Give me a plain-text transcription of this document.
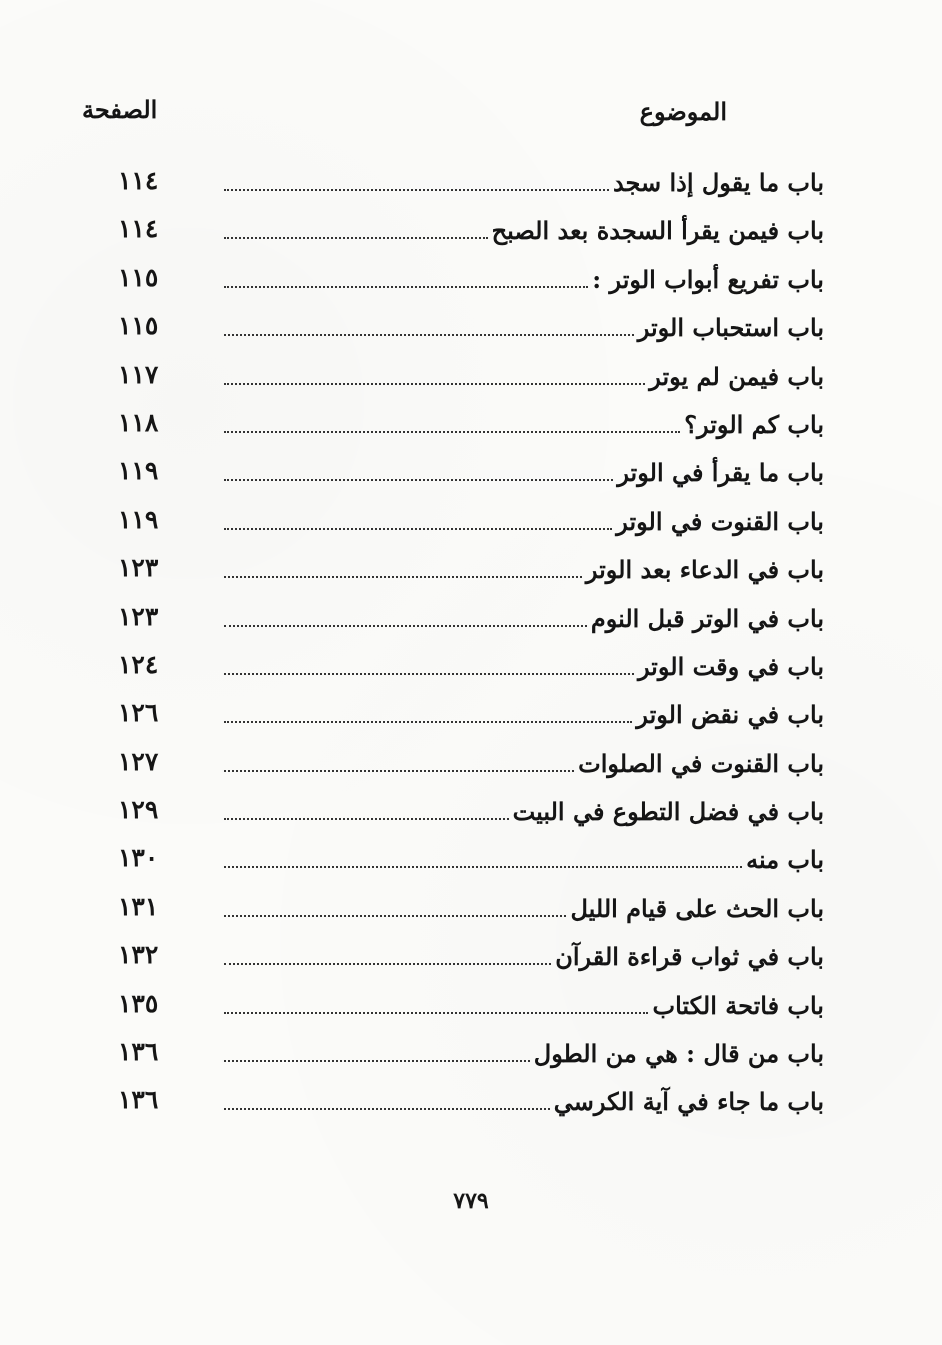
الموضوع
الصفحة
باب ما يقول إذا سجد
١١٤
باب فيمن يقرأ السجدة بعد الصبح
١١٤
باب تفريع أبواب الوتر :
١١٥
باب استحباب الوتر
١١٥
باب فيمن لم يوتر
١١٧
باب كم الوتر؟
١١٨
باب ما يقرأ في الوتر
١١٩
باب القنوت في الوتر
١١٩
باب في الدعاء بعد الوتر
١٢٣
باب في الوتر قبل النوم
١٢٣
باب في وقت الوتر
١٢٤
باب في نقض الوتر
١٢٦
باب القنوت في الصلوات
١٢٧
باب في فضل التطوع في البيت
١٢٩
باب منه
١٣٠
باب الحث على قيام الليل
١٣١
باب في ثواب قراءة القرآن
١٣٢
باب فاتحة الكتاب
١٣٥
باب من قال : هي من الطول
١٣٦
باب ما جاء في آية الكرسي
١٣٦
٧٧٩
